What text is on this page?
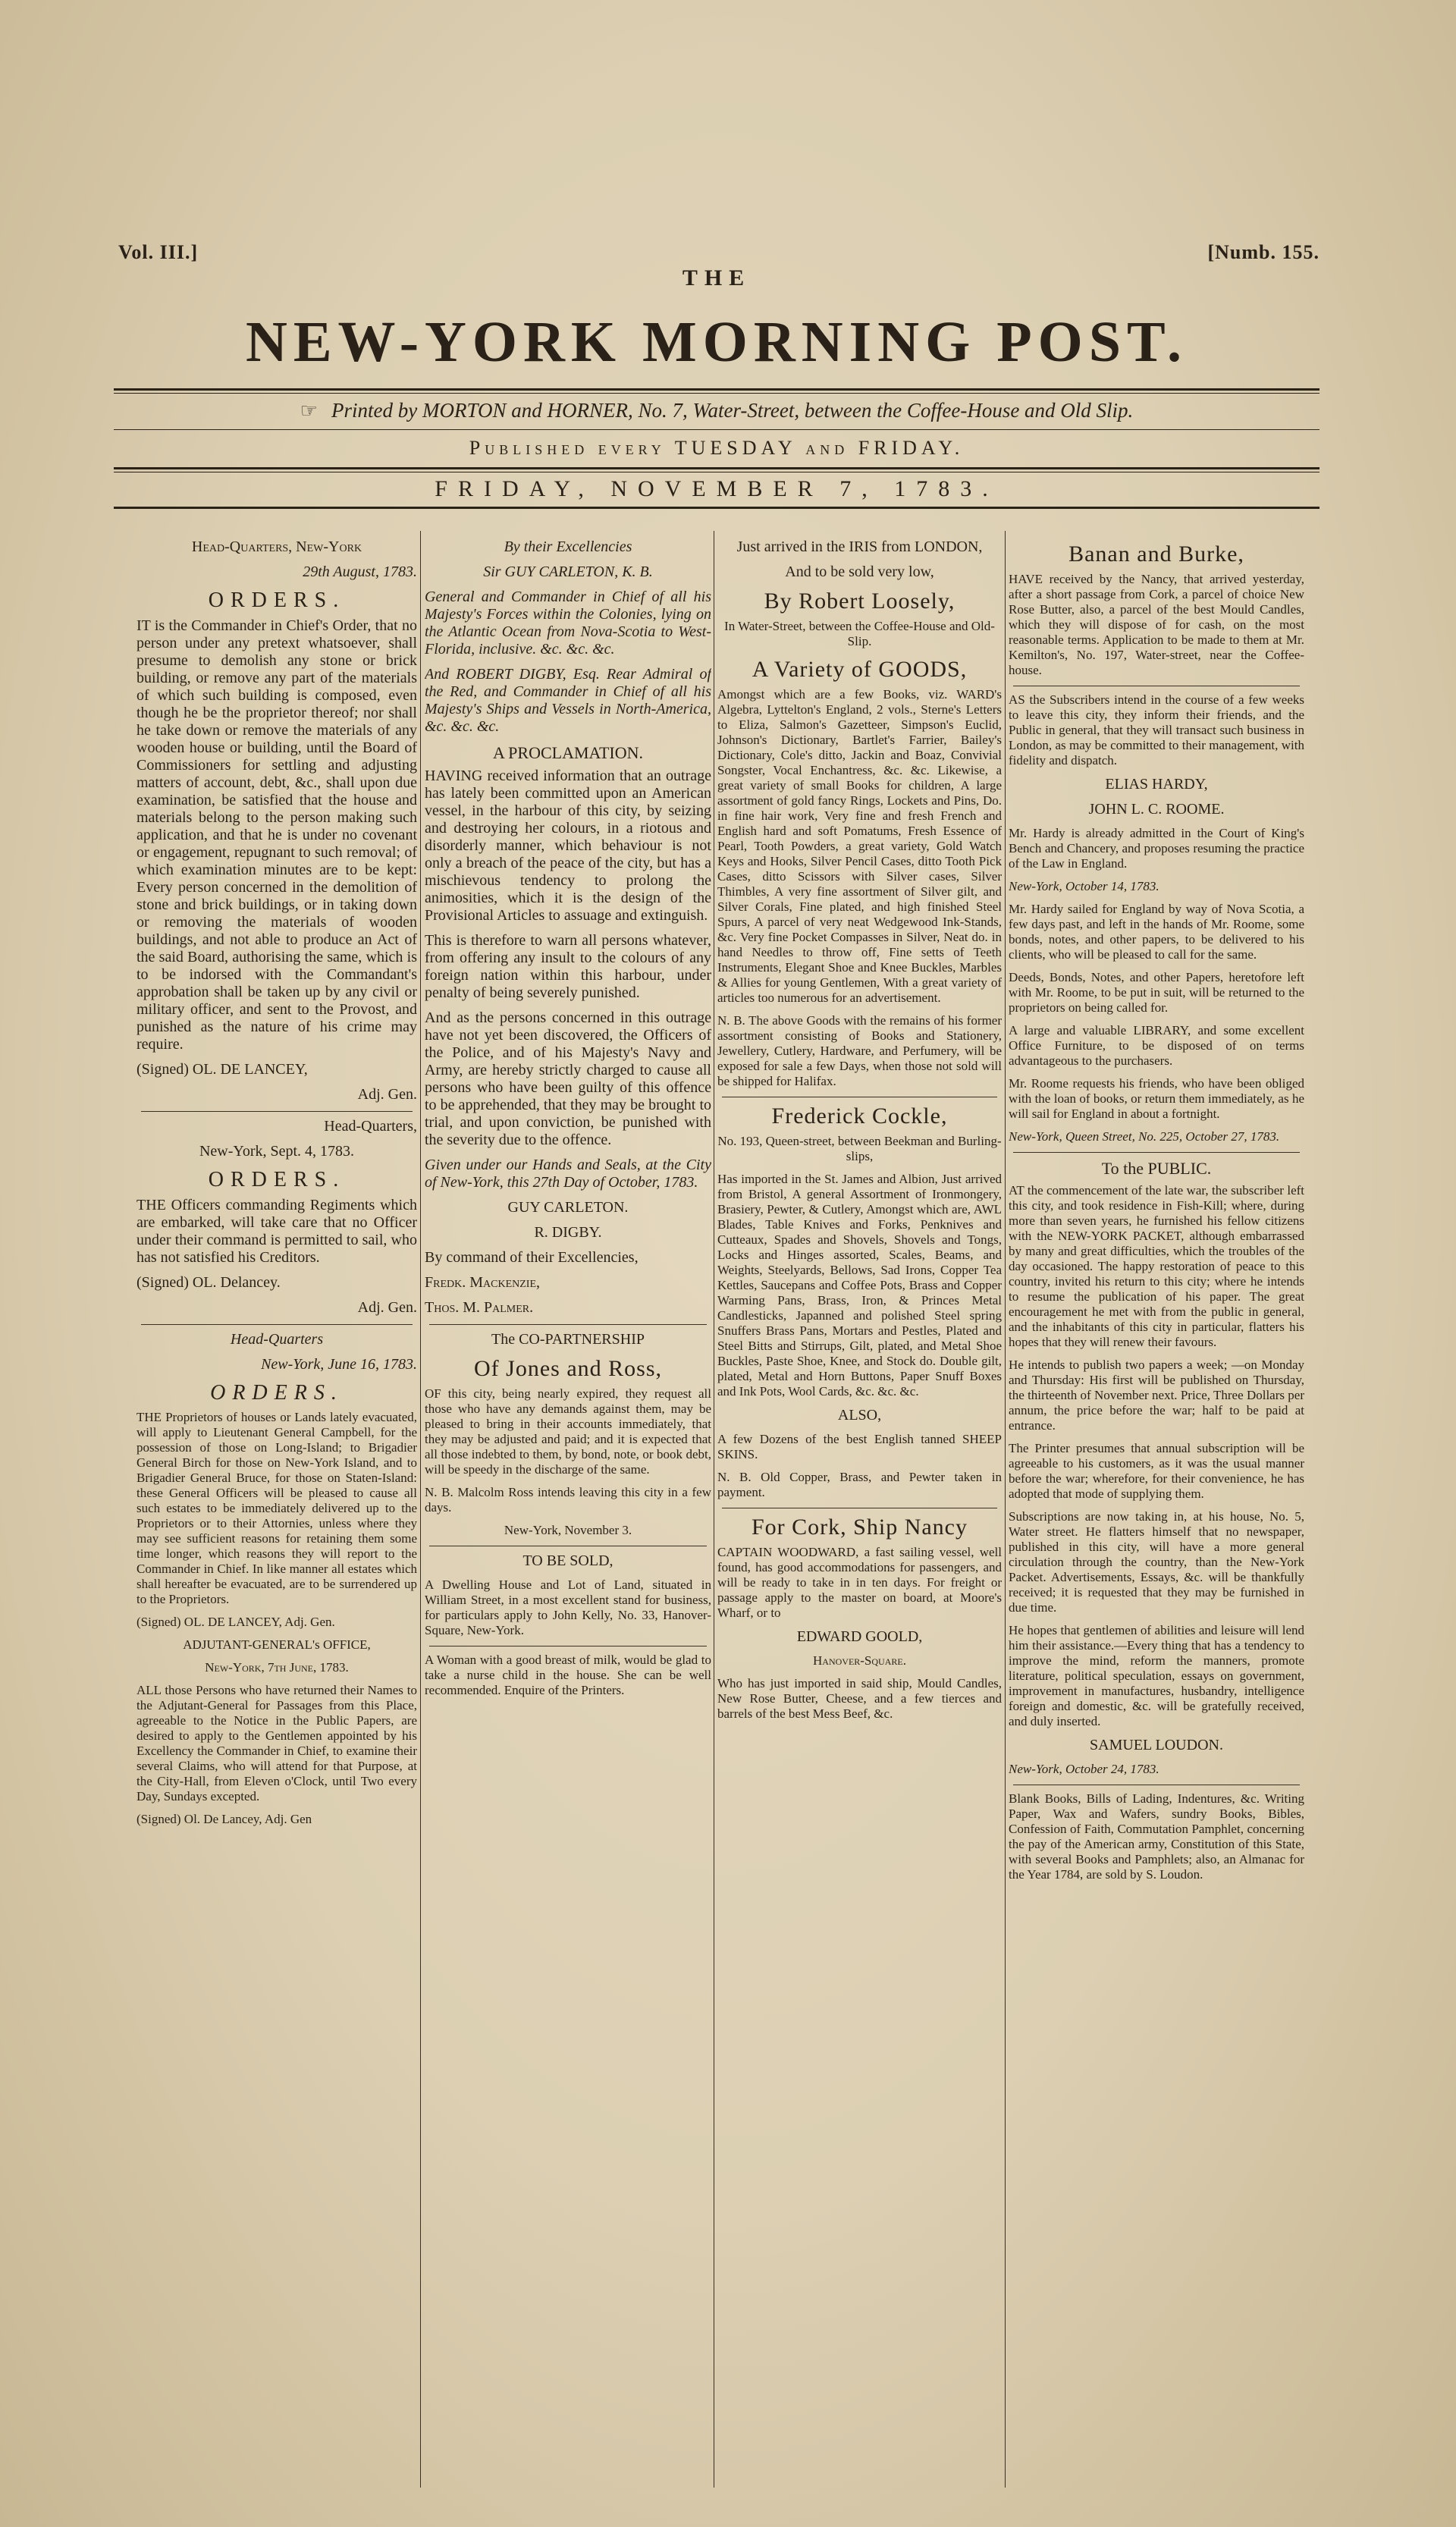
Vol. III.]	[Numb. 155.
THE
NEW-YORK MORNING POST.
☞ Printed by MORTON and HORNER, No. 7, Water-Street, between the Coffee-House and Old Slip.
Published every TUESDAY and FRIDAY.
FRIDAY, NOVEMBER 7, 1783.

Head-Quarters, New-York

29th August, 1783.

ORDERS.

IT is the Commander in Chief's Order, that no person under any pretext whatsoever, shall presume to demolish any stone or brick building, or remove any part of the materials of which such building is composed, even though he be the proprietor thereof; nor shall he take down or remove the materials of any wooden house or building, until the Board of Commissioners for settling and adjusting matters of account, debt, &c., shall upon due examination, be satisfied that the house and materials belong to the person making such application, and that he is under no covenant or engagement, repugnant to such removal; of which examination minutes are to be kept: Every person concerned in the demolition of stone and brick buildings, or in taking down or removing the materials of wooden buildings, and not able to produce an Act of the said Board, authorising the same, which is to be indorsed with the Commandant's approbation shall be taken up by any civil or military officer, and sent to the Provost, and punished as the nature of his crime may require.

(Signed) OL. DE LANCEY,

Adj. Gen.

Head-Quarters,

New-York, Sept. 4, 1783.

ORDERS.

THE Officers commanding Regiments which are embarked, will take care that no Officer under their command is permitted to sail, who has not satisfied his Creditors.

(Signed) OL. Delancey.

Adj. Gen.

Head-Quarters

New-York, June 16, 1783.

ORDERS.

THE Proprietors of houses or Lands lately evacuated, will apply to Lieutenant General Campbell, for the possession of those on Long-Island; to Brigadier General Birch for those on New-York Island, and to Brigadier General Bruce, for those on Staten-Island: these General Officers will be pleased to cause all such estates to be immediately delivered up to the Proprietors or to their Attornies, unless where they may see sufficient reasons for retaining them some time longer, which reasons they will report to the Commander in Chief. In like manner all estates which shall hereafter be evacuated, are to be surrendered up to the Proprietors.

(Signed) OL. DE LANCEY, Adj. Gen.

ADJUTANT-GENERAL's OFFICE,

New-York, 7th June, 1783.

ALL those Persons who have returned their Names to the Adjutant-General for Passages from this Place, agreeable to the Notice in the Public Papers, are desired to apply to the Gentlemen appointed by his Excellency the Commander in Chief, to examine their several Claims, who will attend for that Purpose, at the City-Hall, from Eleven o'Clock, until Two every Day, Sundays excepted.

(Signed) Ol. De Lancey, Adj. Gen

By their Excellencies

Sir GUY CARLETON, K. B.

General and Commander in Chief of all his Majesty's Forces within the Colonies, lying on the Atlantic Ocean from Nova-Scotia to West-Florida, inclusive. &c. &c. &c.

And ROBERT DIGBY, Esq. Rear Admiral of the Red, and Commander in Chief of all his Majesty's Ships and Vessels in North-America, &c. &c. &c.

A PROCLAMATION.

HAVING received information that an outrage has lately been committed upon an American vessel, in the harbour of this city, by seizing and destroying her colours, in a riotous and disorderly manner, which behaviour is not only a breach of the peace of the city, but has a mischievous tendency to prolong the animosities, which it is the design of the Provisional Articles to assuage and extinguish.

This is therefore to warn all persons whatever, from offering any insult to the colours of any foreign nation within this harbour, under penalty of being severely punished.

And as the persons concerned in this outrage have not yet been discovered, the Officers of the Police, and of his Majesty's Navy and Army, are hereby strictly charged to cause all persons who have been guilty of this offence to be apprehended, that they may be brought to trial, and upon conviction, be punished with the severity due to the offence.

Given under our Hands and Seals, at the City of New-York, this 27th Day of October, 1783.

GUY CARLETON.

R. DIGBY.

By command of their Excellencies,

Fredk. Mackenzie,

Thos. M. Palmer.

The CO-PARTNERSHIP

Of Jones and Ross,

OF this city, being nearly expired, they request all those who have any demands against them, may be pleased to bring in their accounts immediately, that they may be adjusted and paid; and it is expected that all those indebted to them, by bond, note, or book debt, will be speedy in the discharge of the same.

N. B. Malcolm Ross intends leaving this city in a few days.

New-York, November 3.

TO BE SOLD,

A Dwelling House and Lot of Land, situated in William Street, in a most excellent stand for business, for particulars apply to John Kelly, No. 33, Hanover-Square, New-York.

A Woman with a good breast of milk, would be glad to take a nurse child in the house. She can be well recommended. Enquire of the Printers.

Just arrived in the IRIS from LONDON,

And to be sold very low,

By Robert Loosely,

In Water-Street, between the Coffee-House and Old-Slip.

A Variety of GOODS,

Amongst which are a few Books, viz. WARD's Algebra, Lyttelton's England, 2 vols., Sterne's Letters to Eliza, Salmon's Gazetteer, Simpson's Euclid, Johnson's Dictionary, Bartlet's Farrier, Bailey's Dictionary, Cole's ditto, Jackin and Boaz, Convivial Songster, Vocal Enchantress, &c. &c. Likewise, a great variety of small Books for children, A large assortment of gold fancy Rings, Lockets and Pins, Do. in fine hair work, Very fine and fresh French and English hard and soft Pomatums, Fresh Essence of Pearl, Tooth Powders, a great variety, Gold Watch Keys and Hooks, Silver Pencil Cases, ditto Tooth Pick Cases, ditto Scissors with Silver cases, Silver Thimbles, A very fine assortment of Silver gilt, and Silver Corals, Fine plated, and high finished Steel Spurs, A parcel of very neat Wedgewood Ink-Stands, &c. Very fine Pocket Compasses in Silver, Neat do. in hand Needles to throw off, Fine setts of Teeth Instruments, Elegant Shoe and Knee Buckles, Marbles & Allies for young Gentlemen, With a great variety of articles too numerous for an advertisement.

N. B. The above Goods with the remains of his former assortment consisting of Books and Stationery, Jewellery, Cutlery, Hardware, and Perfumery, will be exposed for sale a few Days, when those not sold will be shipped for Halifax.

Frederick Cockle,

No. 193, Queen-street, between Beekman and Burling-slips,

Has imported in the St. James and Albion, Just arrived from Bristol, A general Assortment of Ironmongery, Brasiery, Pewter, & Cutlery, Amongst which are, AWL Blades, Table Knives and Forks, Penknives and Cutteaux, Spades and Shovels, Shovels and Tongs, Locks and Hinges assorted, Scales, Beams, and Weights, Steelyards, Bellows, Sad Irons, Copper Tea Kettles, Saucepans and Coffee Pots, Brass and Copper Warming Pans, Brass, Iron, & Princes Metal Candlesticks, Japanned and polished Steel spring Snuffers Brass Pans, Mortars and Pestles, Plated and Steel Bitts and Stirrups, Gilt, plated, and Metal Shoe Buckles, Paste Shoe, Knee, and Stock do. Double gilt, plated, Metal and Horn Buttons, Paper Snuff Boxes and Ink Pots, Wool Cards, &c. &c. &c.

ALSO,

A few Dozens of the best English tanned SHEEP SKINS.

N. B. Old Copper, Brass, and Pewter taken in payment.

For Cork, Ship Nancy

CAPTAIN WOODWARD, a fast sailing vessel, well found, has good accommodations for passengers, and will be ready to take in in ten days. For freight or passage apply to the master on board, at Moore's Wharf, or to

EDWARD GOOLD,

Hanover-Square.

Who has just imported in said ship, Mould Candles, New Rose Butter, Cheese, and a few tierces and barrels of the best Mess Beef, &c.

Banan and Burke,

HAVE received by the Nancy, that arrived yesterday, after a short passage from Cork, a parcel of choice New Rose Butter, also, a parcel of the best Mould Candles, which they will dispose of for cash, on the most reasonable terms. Application to be made to them at Mr. Kemilton's, No. 197, Water-street, near the Coffee-house.

AS the Subscribers intend in the course of a few weeks to leave this city, they inform their friends, and the Public in general, that they will transact such business in London, as may be committed to their management, with fidelity and dispatch.

ELIAS HARDY,

JOHN L. C. ROOME.

Mr. Hardy is already admitted in the Court of King's Bench and Chancery, and proposes resuming the practice of the Law in England.

New-York, October 14, 1783.

Mr. Hardy sailed for England by way of Nova Scotia, a few days past, and left in the hands of Mr. Roome, some bonds, notes, and other papers, to be delivered to his clients, who will be pleased to call for the same.

Deeds, Bonds, Notes, and other Papers, heretofore left with Mr. Roome, to be put in suit, will be returned to the proprietors on being called for.

A large and valuable LIBRARY, and some excellent Office Furniture, to be disposed of on terms advantageous to the purchasers.

Mr. Roome requests his friends, who have been obliged with the loan of books, or return them immediately, as he will sail for England in about a fortnight.

New-York, Queen Street, No. 225, October 27, 1783.

To the PUBLIC.

AT the commencement of the late war, the subscriber left this city, and took residence in Fish-Kill; where, during more than seven years, he furnished his fellow citizens with the NEW-YORK PACKET, although embarrassed by many and great difficulties, which the troubles of the day occasioned. The happy restoration of peace to this country, invited his return to this city; where he intends to resume the publication of his paper. The great encouragement he met with from the public in general, and the inhabitants of this city in particular, flatters his hopes that they will renew their favours.

He intends to publish two papers a week; —on Monday and Thursday: His first will be published on Thursday, the thirteenth of November next. Price, Three Dollars per annum, the price before the war; half to be paid at entrance.

The Printer presumes that annual subscription will be agreeable to his customers, as it was the usual manner before the war; wherefore, for their convenience, he has adopted that mode of supplying them.

Subscriptions are now taking in, at his house, No. 5, Water street. He flatters himself that no newspaper, published in this city, will have a more general circulation through the country, than the New-York Packet. Advertisements, Essays, &c. will be thankfully received; it is requested that they may be furnished in due time.

He hopes that gentlemen of abilities and leisure will lend him their assistance.—Every thing that has a tendency to improve the mind, reform the manners, promote literature, political speculation, essays on government, improvement in manufactures, husbandry, intelligence foreign and domestic, &c. will be gratefully received, and duly inserted.

SAMUEL LOUDON.

New-York, October 24, 1783.

Blank Books, Bills of Lading, Indentures, &c. Writing Paper, Wax and Wafers, sundry Books, Bibles, Confession of Faith, Commutation Pamphlet, concerning the pay of the American army, Constitution of this State, with several Books and Pamphlets; also, an Almanac for the Year 1784, are sold by S. Loudon.
